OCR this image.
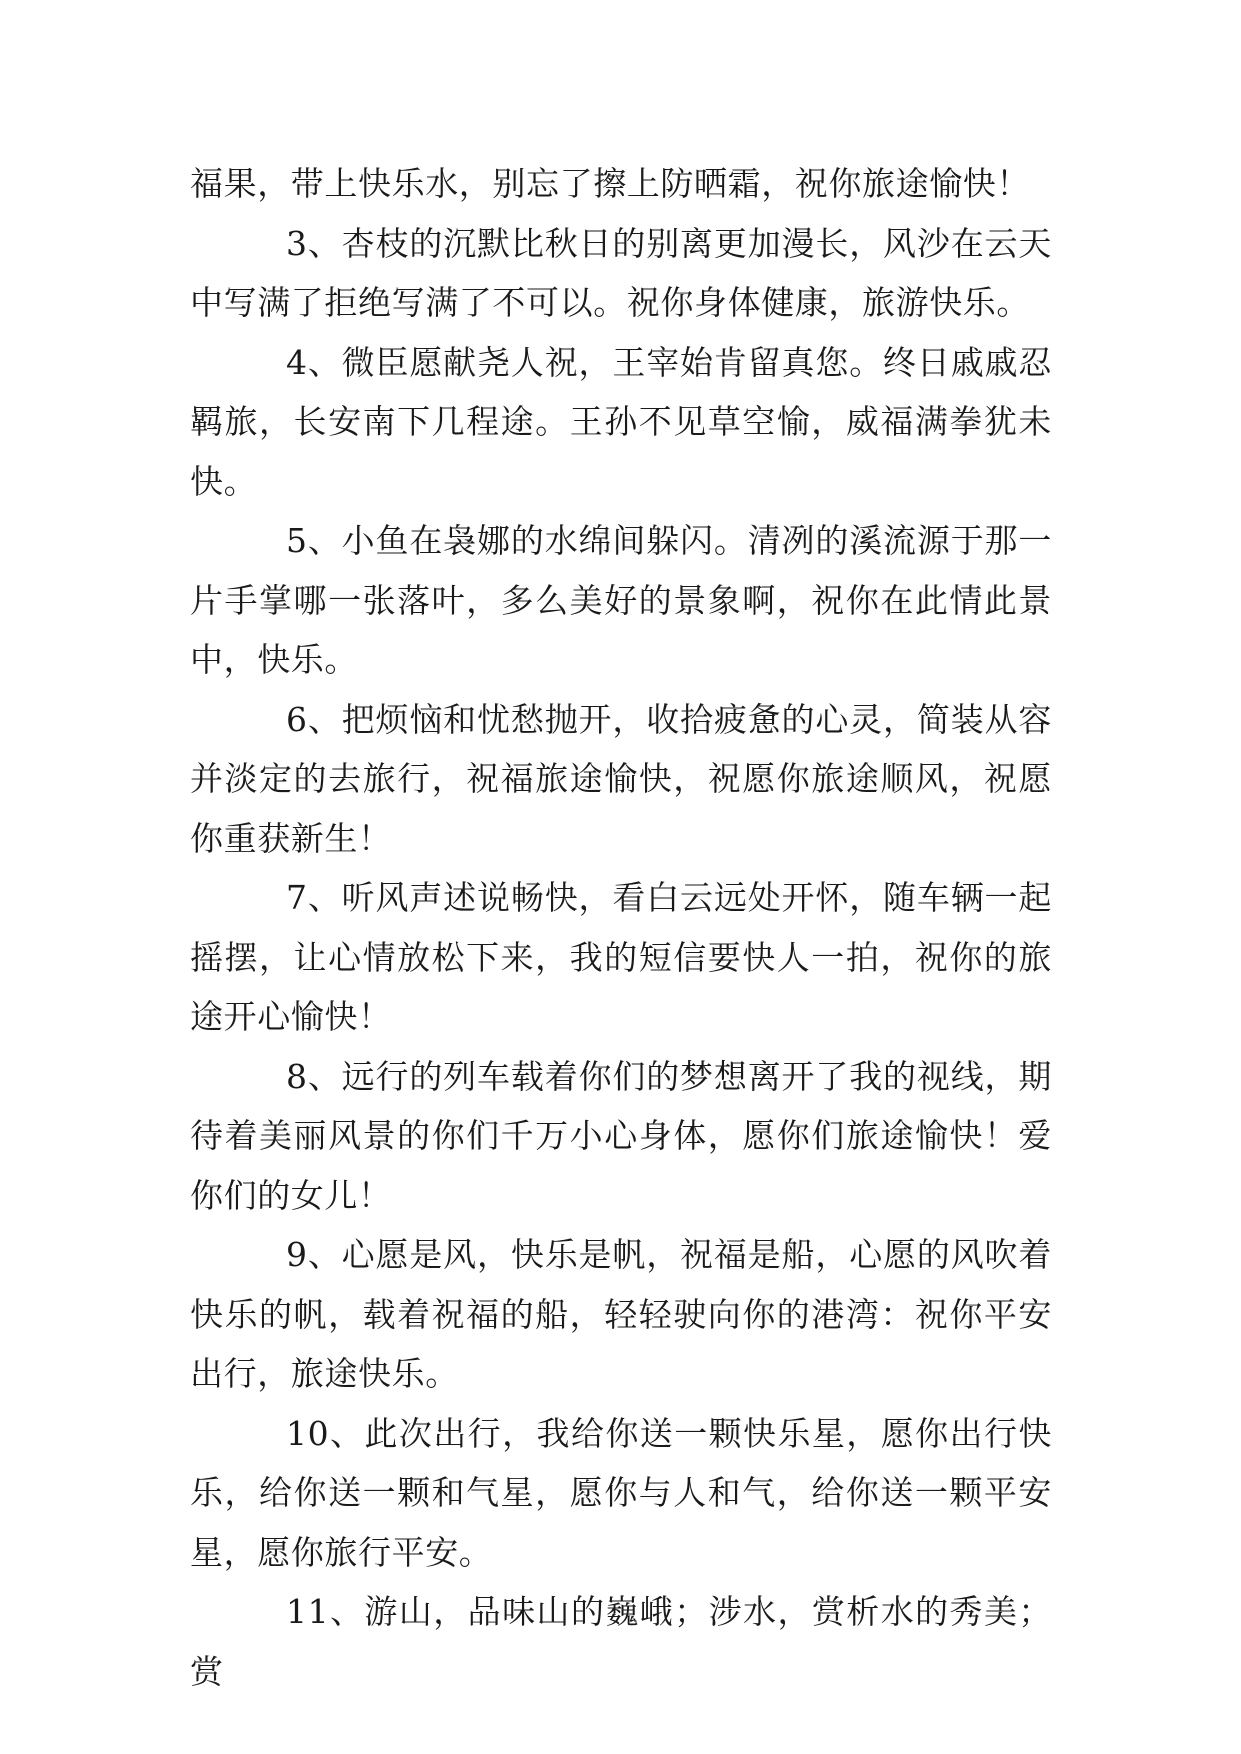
福果，带上快乐水，别忘了擦上防晒霜，祝你旅途愉快！

3、杏枝的沉默比秋日的别离更加漫长，风沙在云天中写满了拒绝写满了不可以。祝你身体健康，旅游快乐。

4、微臣愿献尧人祝，王宰始肯留真您。终日戚戚忍羁旅，长安南下几程途。王孙不见草空愉，威福满拳犹未快。

5、小鱼在袅娜的水绵间躲闪。清冽的溪流源于那一片手掌哪一张落叶，多么美好的景象啊，祝你在此情此景中，快乐。

6、把烦恼和忧愁抛开，收拾疲惫的心灵，简装从容并淡定的去旅行，祝福旅途愉快，祝愿你旅途顺风，祝愿你重获新生！

7、听风声述说畅快，看白云远处开怀，随车辆一起摇摆，让心情放松下来，我的短信要快人一拍，祝你的旅途开心愉快！

8、远行的列车载着你们的梦想离开了我的视线，期待着美丽风景的你们千万小心身体，愿你们旅途愉快！爱你们的女儿！

9、心愿是风，快乐是帆，祝福是船，心愿的风吹着快乐的帆，载着祝福的船，轻轻驶向你的港湾：祝你平安出行，旅途快乐。

10、此次出行，我给你送一颗快乐星，愿你出行快乐，给你送一颗和气星，愿你与人和气，给你送一颗平安星，愿你旅行平安。

11、游山，品味山的巍峨；涉水，赏析水的秀美；赏
